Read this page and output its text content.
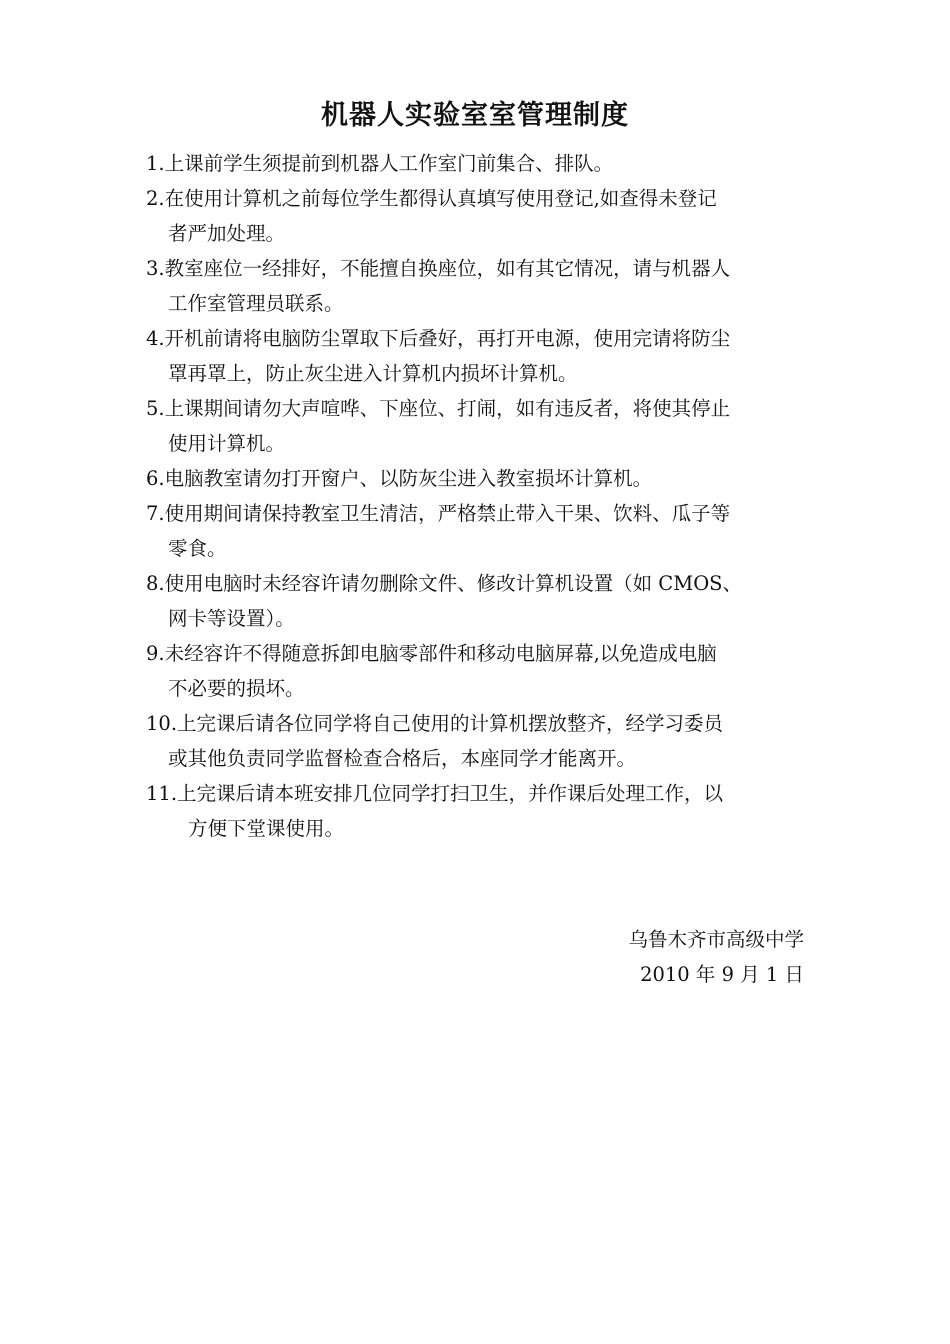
机器人实验室室管理制度
1.上课前学生须提前到机器人工作室门前集合、排队。
2.在使用计算机之前每位学生都得认真填写使用登记,如查得未登记
者严加处理。
3.教室座位一经排好，不能擅自换座位，如有其它情况，请与机器人
工作室管理员联系。
4.开机前请将电脑防尘罩取下后叠好，再打开电源，使用完请将防尘
罩再罩上，防止灰尘进入计算机内损坏计算机。
5.上课期间请勿大声喧哗、下座位、打闹，如有违反者，将使其停止
使用计算机。
6.电脑教室请勿打开窗户、以防灰尘进入教室损坏计算机。
7.使用期间请保持教室卫生清洁，严格禁止带入干果、饮料、瓜子等
零食。
8.使用电脑时未经容许请勿删除文件、修改计算机设置（如 CMOS、
网卡等设置）。
9.未经容许不得随意拆卸电脑零部件和移动电脑屏幕,以免造成电脑
不必要的损坏。
10.上完课后请各位同学将自己使用的计算机摆放整齐，经学习委员
或其他负责同学监督检查合格后，本座同学才能离开。
11.上完课后请本班安排几位同学打扫卫生，并作课后处理工作，以
方便下堂课使用。
乌鲁木齐市高级中学
2010 年 9 月 1 日
